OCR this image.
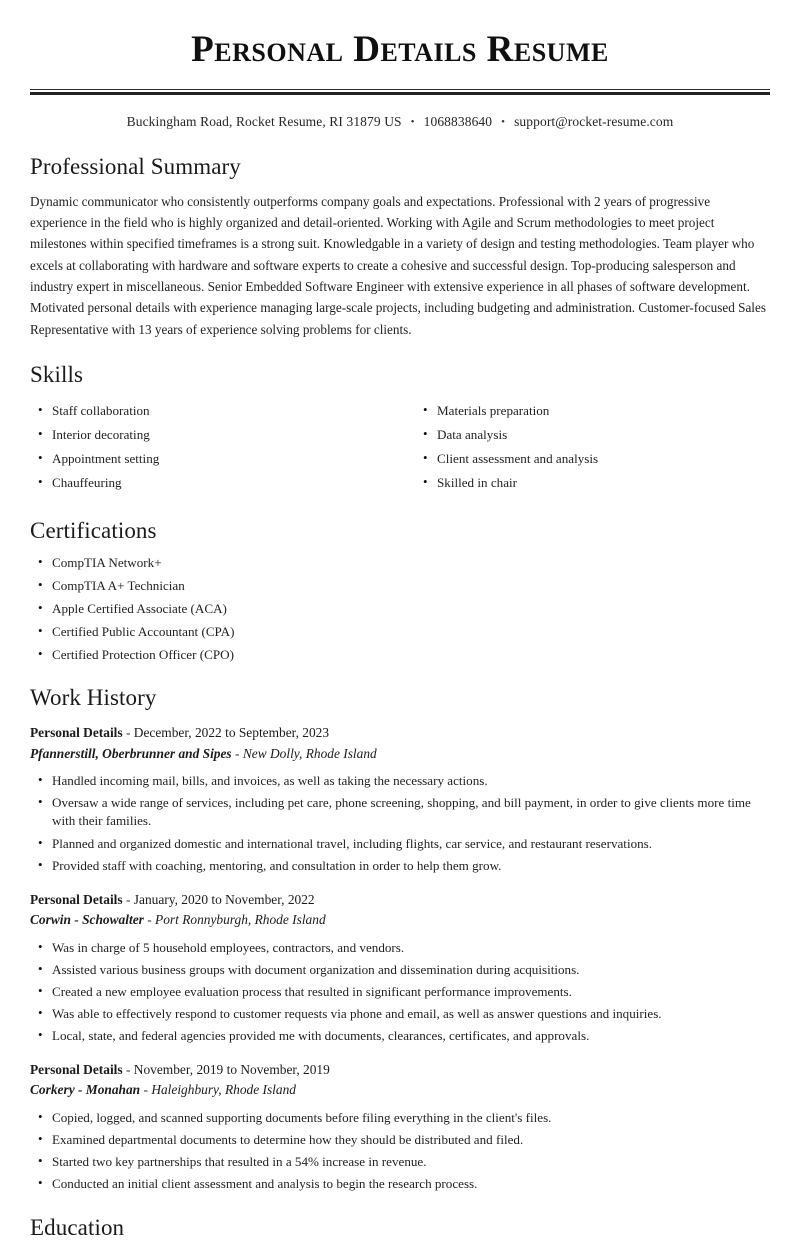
Personal Details Resume
Buckingham Road, Rocket Resume, RI 31879 US • 1068838640 • support@rocket-resume.com
Professional Summary

Dynamic communicator who consistently outperforms company goals and expectations. Professional with 2 years of progressive experience in the field who is highly organized and detail-oriented. Working with Agile and Scrum methodologies to meet project milestones within specified timeframes is a strong suit. Knowledgable in a variety of design and testing methodologies. Team player who excels at collaborating with hardware and software experts to create a cohesive and successful design. Top-producing salesperson and industry expert in miscellaneous. Senior Embedded Software Engineer with extensive experience in all phases of software development. Motivated personal details with experience managing large-scale projects, including budgeting and administration. Customer-focused Sales Representative with 13 years of experience solving problems for clients.

Skills
• Staff collaboration
• Interior decorating
• Appointment setting
• Chauffeuring
• Materials preparation
• Data analysis
• Client assessment and analysis
• Skilled in chair
Certifications
• CompTIA Network+
• CompTIA A+ Technician
• Apple Certified Associate (ACA)
• Certified Public Accountant (CPA)
• Certified Protection Officer (CPO)
Work History
Personal Details - December, 2022 to September, 2023
Pfannerstill, Oberbrunner and Sipes - New Dolly, Rhode Island
• Handled incoming mail, bills, and invoices, as well as taking the necessary actions.
• Oversaw a wide range of services, including pet care, phone screening, shopping, and bill payment, in order to give clients more time with their families.
• Planned and organized domestic and international travel, including flights, car service, and restaurant reservations.
• Provided staff with coaching, mentoring, and consultation in order to help them grow.
Personal Details - January, 2020 to November, 2022
Corwin - Schowalter - Port Ronnyburgh, Rhode Island
• Was in charge of 5 household employees, contractors, and vendors.
• Assisted various business groups with document organization and dissemination during acquisitions.
• Created a new employee evaluation process that resulted in significant performance improvements.
• Was able to effectively respond to customer requests via phone and email, as well as answer questions and inquiries.
• Local, state, and federal agencies provided me with documents, clearances, certificates, and approvals.
Personal Details - November, 2019 to November, 2019
Corkery - Monahan - Haleighbury, Rhode Island
• Copied, logged, and scanned supporting documents before filing everything in the client's files.
• Examined departmental documents to determine how they should be distributed and filed.
• Started two key partnerships that resulted in a 54% increase in revenue.
• Conducted an initial client assessment and analysis to begin the research process.
Education
